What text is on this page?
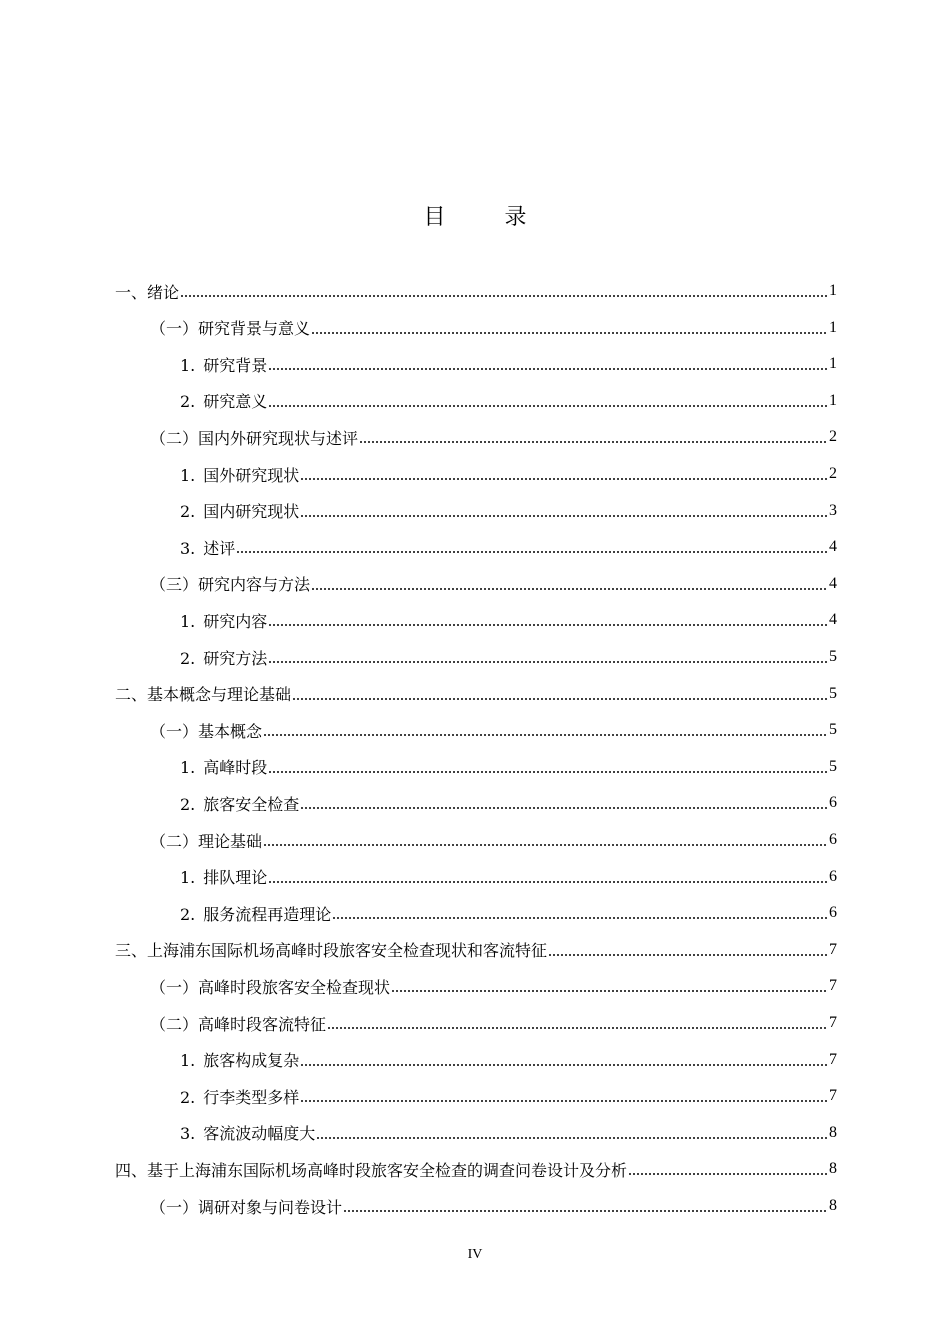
目 录
一、绪论	1
（一）研究背景与意义	1
1. 研究背景	1
2. 研究意义	1
（二）国内外研究现状与述评	2
1. 国外研究现状	2
2. 国内研究现状	3
3. 述评	4
（三）研究内容与方法	4
1. 研究内容	4
2. 研究方法	5
二、基本概念与理论基础	5
（一）基本概念	5
1. 高峰时段	5
2. 旅客安全检查	6
（二）理论基础	6
1. 排队理论	6
2. 服务流程再造理论	6
三、上海浦东国际机场高峰时段旅客安全检查现状和客流特征	7
（一）高峰时段旅客安全检查现状	7
（二）高峰时段客流特征	7
1. 旅客构成复杂	7
2. 行李类型多样	7
3. 客流波动幅度大	8
四、基于上海浦东国际机场高峰时段旅客安全检查的调查问卷设计及分析	8
（一）调研对象与问卷设计	8
IV
